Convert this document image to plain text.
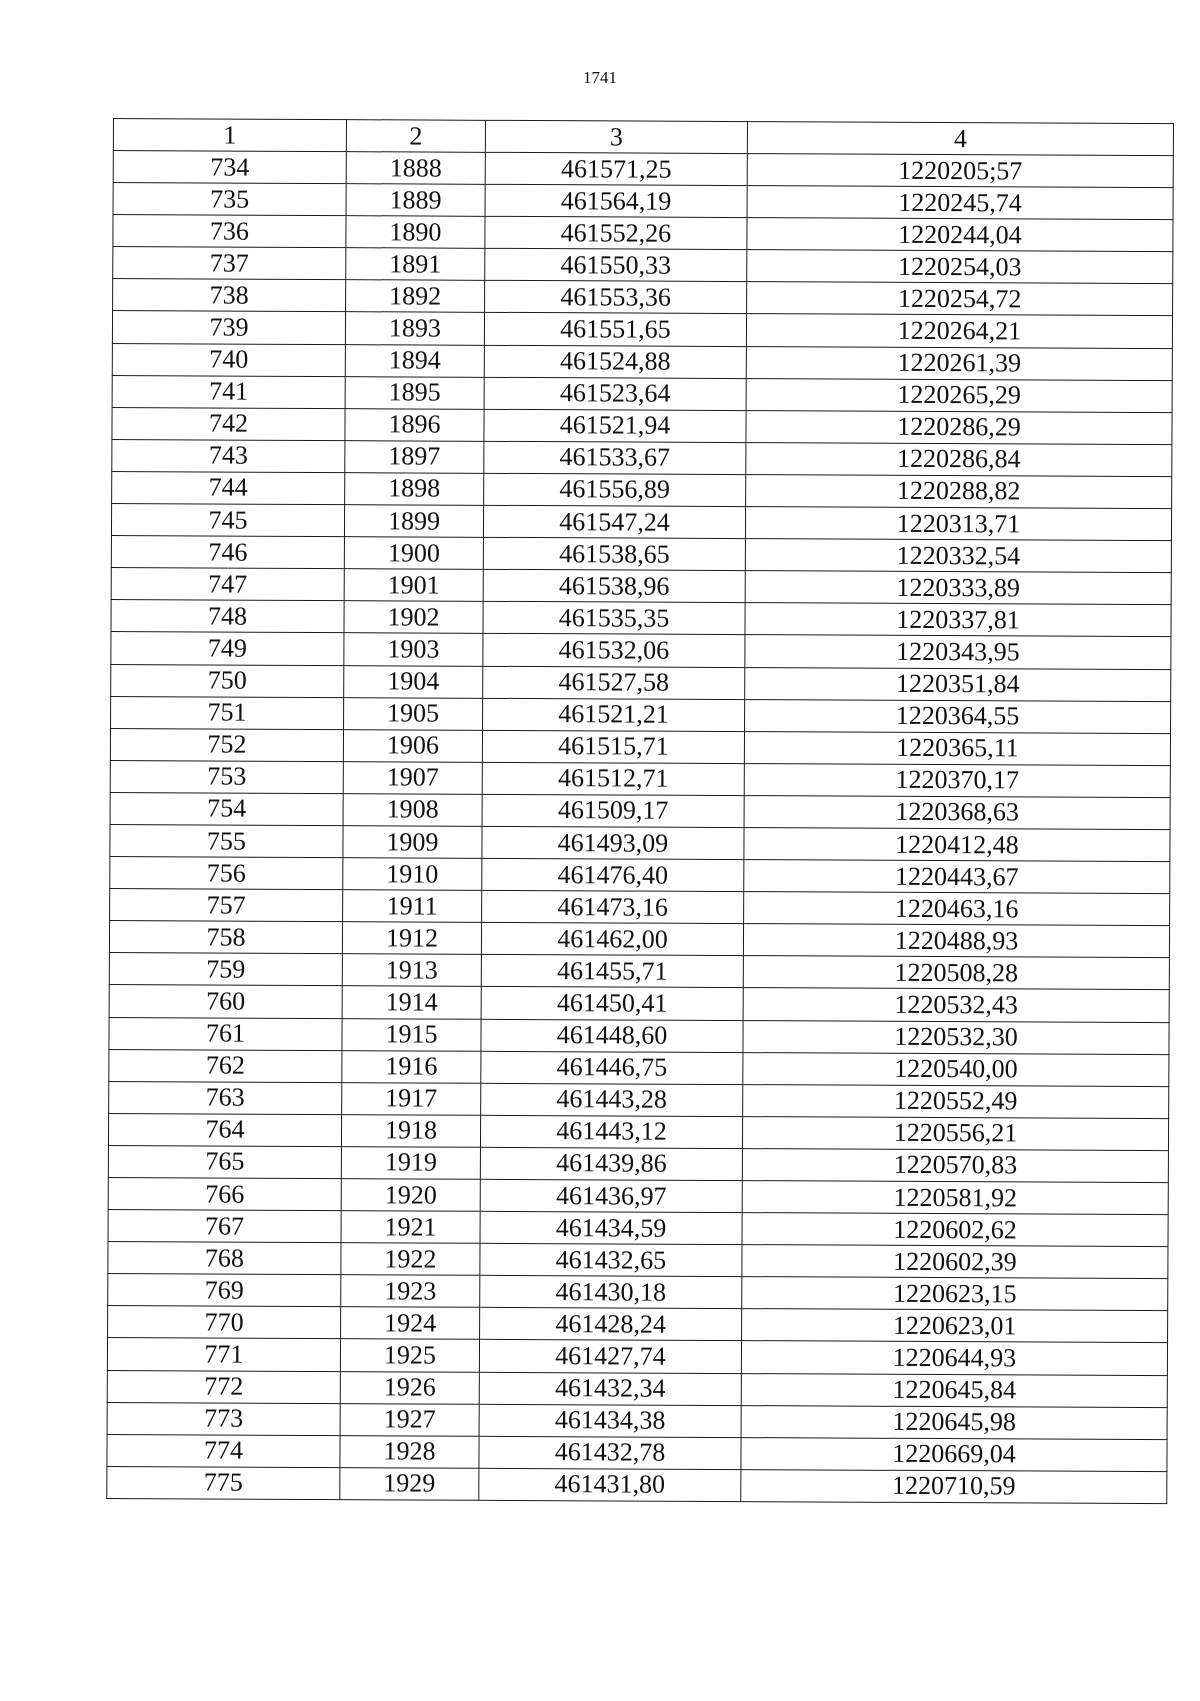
1741
1	2	3	4
734	1888	461571,25	1220205;57
735	1889	461564,19	1220245,74
736	1890	461552,26	1220244,04
737	1891	461550,33	1220254,03
738	1892	461553,36	1220254,72
739	1893	461551,65	1220264,21
740	1894	461524,88	1220261,39
741	1895	461523,64	1220265,29
742	1896	461521,94	1220286,29
743	1897	461533,67	1220286,84
744	1898	461556,89	1220288,82
745	1899	461547,24	1220313,71
746	1900	461538,65	1220332,54
747	1901	461538,96	1220333,89
748	1902	461535,35	1220337,81
749	1903	461532,06	1220343,95
750	1904	461527,58	1220351,84
751	1905	461521,21	1220364,55
752	1906	461515,71	1220365,11
753	1907	461512,71	1220370,17
754	1908	461509,17	1220368,63
755	1909	461493,09	1220412,48
756	1910	461476,40	1220443,67
757	1911	461473,16	1220463,16
758	1912	461462,00	1220488,93
759	1913	461455,71	1220508,28
760	1914	461450,41	1220532,43
761	1915	461448,60	1220532,30
762	1916	461446,75	1220540,00
763	1917	461443,28	1220552,49
764	1918	461443,12	1220556,21
765	1919	461439,86	1220570,83
766	1920	461436,97	1220581,92
767	1921	461434,59	1220602,62
768	1922	461432,65	1220602,39
769	1923	461430,18	1220623,15
770	1924	461428,24	1220623,01
771	1925	461427,74	1220644,93
772	1926	461432,34	1220645,84
773	1927	461434,38	1220645,98
774	1928	461432,78	1220669,04
775	1929	461431,80	1220710,59
